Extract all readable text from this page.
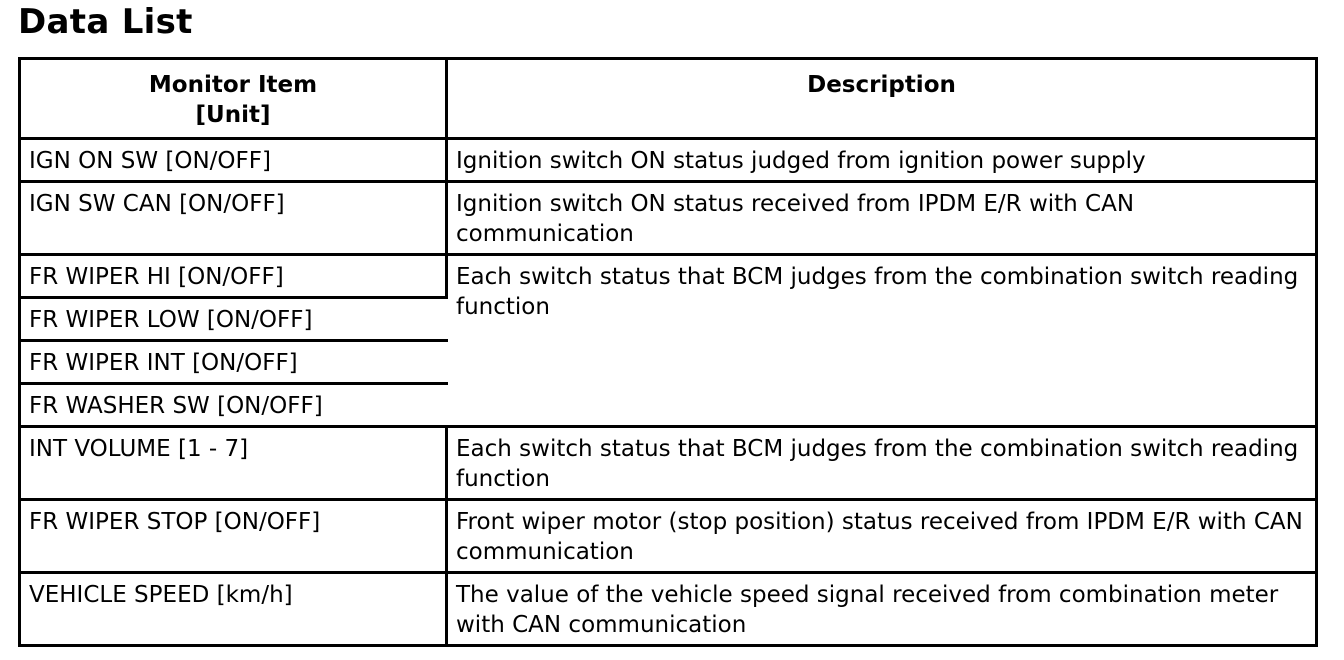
Data List
Monitor Item
[Unit]	Description
IGN ON SW [ON/OFF]	Ignition switch ON status judged from ignition power supply
IGN SW CAN [ON/OFF]	Ignition switch ON status received from IPDM E/R with CAN communication
FR WIPER HI [ON/OFF]	Each switch status that BCM judges from the combination switch reading function
FR WIPER LOW [ON/OFF]	
FR WIPER INT [ON/OFF]	
FR WASHER SW [ON/OFF]	
INT VOLUME [1 - 7]	Each switch status that BCM judges from the combination switch reading function
FR WIPER STOP [ON/OFF]	Front wiper motor (stop position) status received from IPDM E/R with CAN communication
VEHICLE SPEED [km/h]	The value of the vehicle speed signal received from combination meter with CAN communication
